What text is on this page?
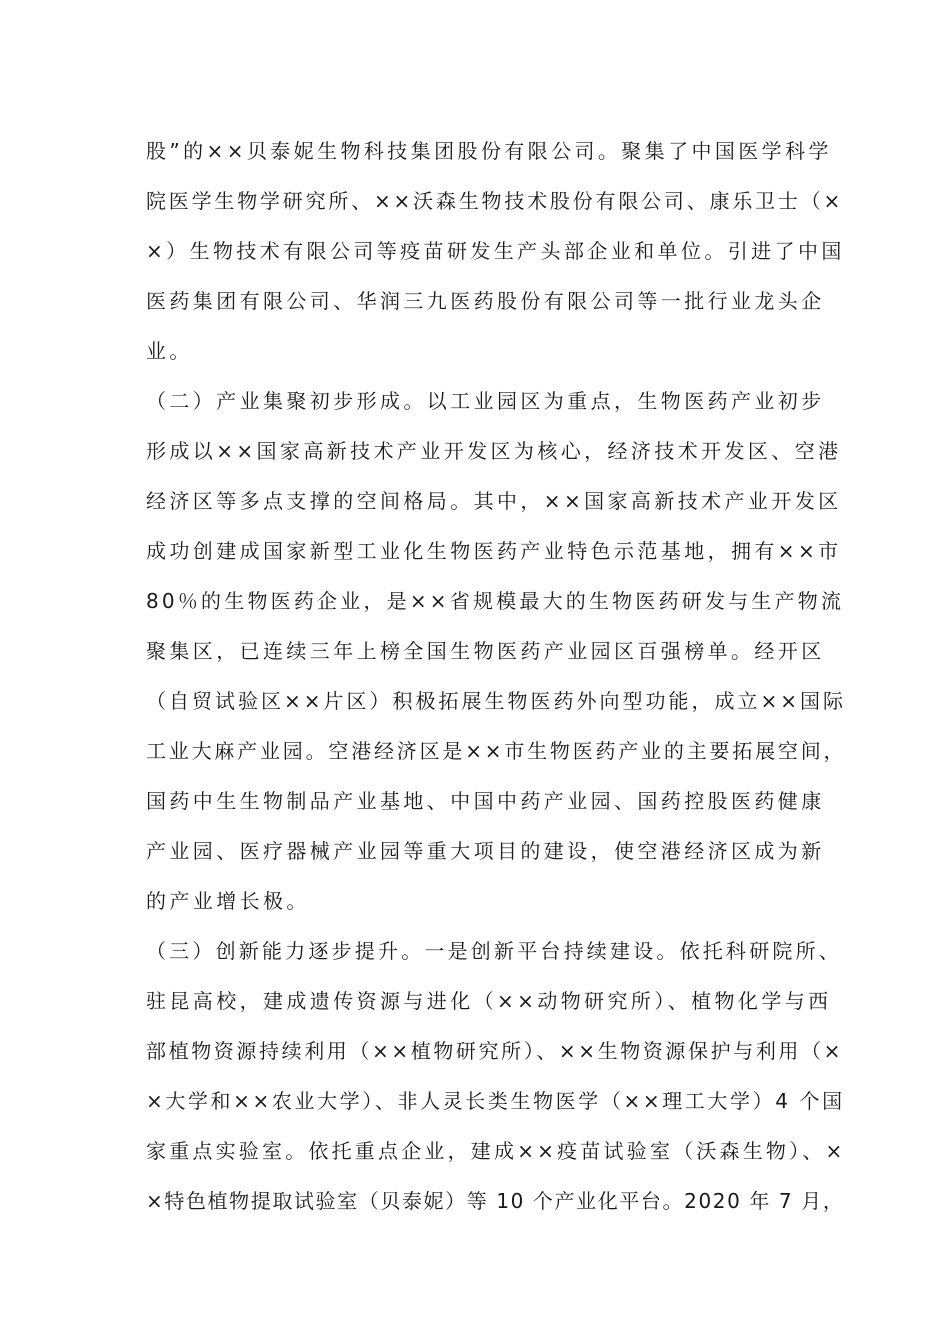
股”的××贝泰妮生物科技集团股份有限公司。聚集了中国医学科学
院医学生物学研究所、××沃森生物技术股份有限公司、康乐卫士（×
×）生物技术有限公司等疫苗研发生产头部企业和单位。引进了中国
医药集团有限公司、华润三九医药股份有限公司等一批行业龙头企
业。
（二）产业集聚初步形成。以工业园区为重点，生物医药产业初步
形成以××国家高新技术产业开发区为核心，经济技术开发区、空港
经济区等多点支撑的空间格局。其中，××国家高新技术产业开发区
成功创建成国家新型工业化生物医药产业特色示范基地，拥有××市
80％的生物医药企业，是××省规模最大的生物医药研发与生产物流
聚集区，已连续三年上榜全国生物医药产业园区百强榜单。经开区
（自贸试验区××片区）积极拓展生物医药外向型功能，成立××国际
工业大麻产业园。空港经济区是××市生物医药产业的主要拓展空间，
国药中生生物制品产业基地、中国中药产业园、国药控股医药健康
产业园、医疗器械产业园等重大项目的建设，使空港经济区成为新
的产业增长极。
（三）创新能力逐步提升。一是创新平台持续建设。依托科研院所、
驻昆高校，建成遗传资源与进化（××动物研究所）、植物化学与西
部植物资源持续利用（××植物研究所）、××生物资源保护与利用（×
×大学和××农业大学）、非人灵长类生物医学（××理工大学）4 个国
家重点实验室。依托重点企业，建成××疫苗试验室（沃森生物）、×
×特色植物提取试验室（贝泰妮）等 10 个产业化平台。2020 年 7 月，
